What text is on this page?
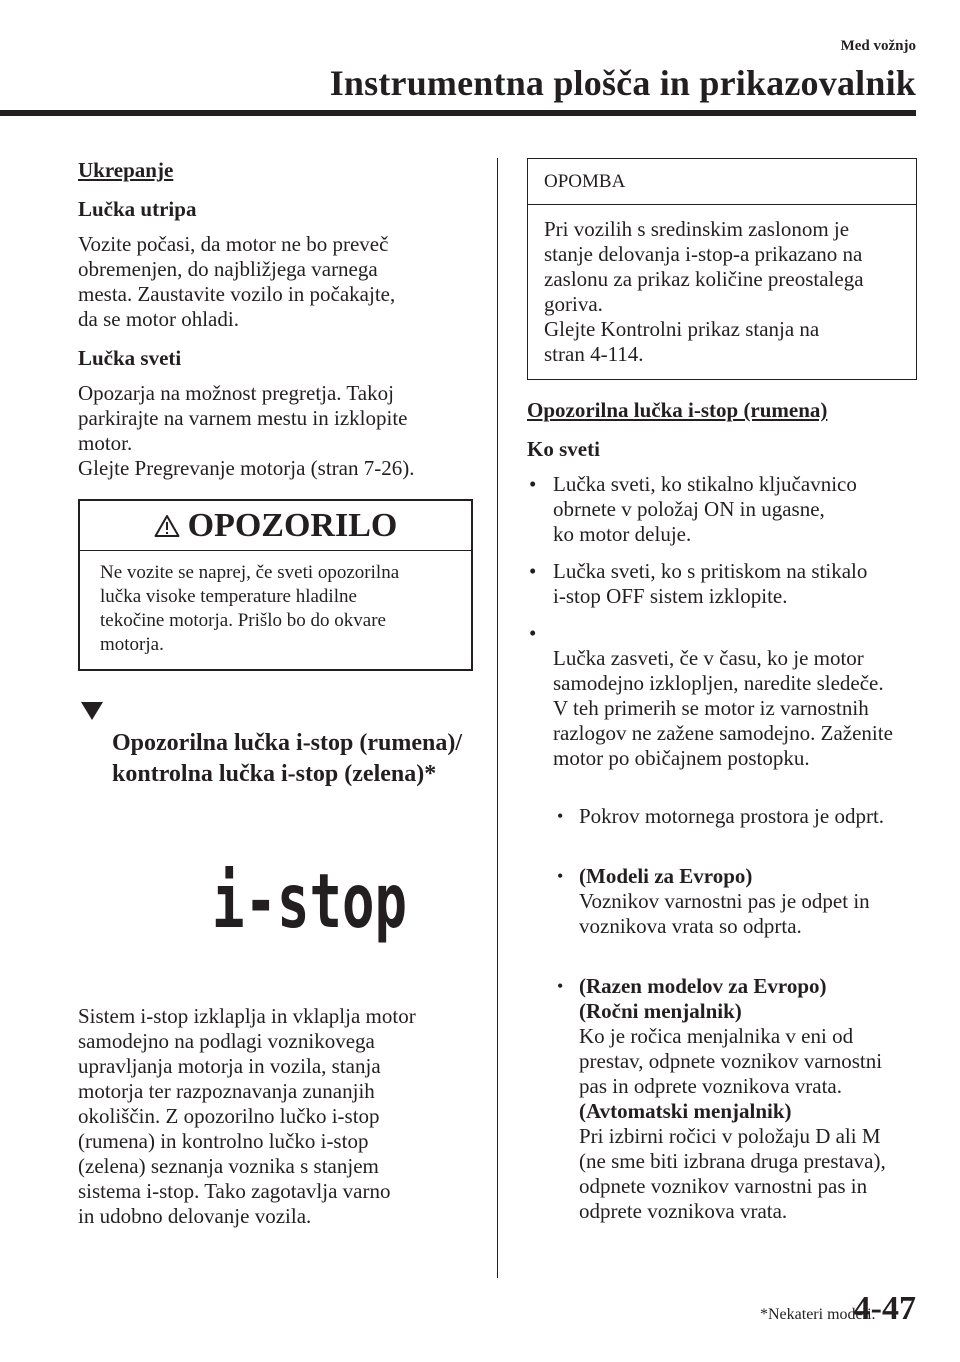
Med vožnjo
Instrumentna plošča in prikazovalnik
Ukrepanje
Lučka utripa

Vozite počasi, da motor ne bo preveč
obremenjen, do najbližjega varnega
mesta. Zaustavite vozilo in počakajte,
da se motor ohladi.

Lučka sveti

Opozarja na možnost pregretja. Takoj
parkirajte na varnem mestu in izklopite
motor.
Glejte Pregrevanje motorja (stran 7-26).

OPOZORILO
Ne vozite se naprej, če sveti opozorilna
lučka visoke temperature hladilne
tekočine motorja. Prišlo bo do okvare
motorja.

Opozorilna lučka i-stop (rumena)/
kontrolna lučka i-stop (zelena)*

i-stop

Sistem i-stop izklaplja in vklaplja motor
samodejno na podlagi voznikovega
upravljanja motorja in vozila, stanja
motorja ter razpoznavanja zunanjih
okoliščin. Z opozorilno lučko i-stop
(rumena) in kontrolno lučko i-stop
(zelena) seznanja voznika s stanjem
sistema i-stop. Tako zagotavlja varno
in udobno delovanje vozila.

OPOMBA
Pri vozilih s sredinskim zaslonom je
stanje delovanja i-stop-a prikazano na
zaslonu za prikaz količine preostalega
goriva.
Glejte Kontrolni prikaz stanja na
stran 4-114.
Opozorilna lučka i-stop (rumena)
Ko sveti
• Lučka sveti, ko stikalno ključavnico
obrnete v položaj ON in ugasne,
ko motor deluje.
• Lučka sveti, ko s pritiskom na stikalo
i-stop OFF sistem izklopite.

• Lučka zasveti, če v času, ko je motor
samodejno izklopljen, naredite sledeče.
V teh primerih se motor iz varnostnih
razlogov ne zažene samodejno. Zaženite
motor po običajnem postopku.

• Pokrov motornega prostora je odprt.

• (Modeli za Evropo)
Voznikov varnostni pas je odpet in
voznikova vrata so odprta.

• (Razen modelov za Evropo)
(Ročni menjalnik)
Ko je ročica menjalnika v eni od
prestav, odpnete voznikov varnostni
pas in odprete voznikova vrata.
(Avtomatski menjalnik)
Pri izbirni ročici v položaju D ali M
(ne sme biti izbrana druga prestava),
odpnete voznikov varnostni pas in
odprete voznikova vrata.

*Nekateri modeli.
4-47
